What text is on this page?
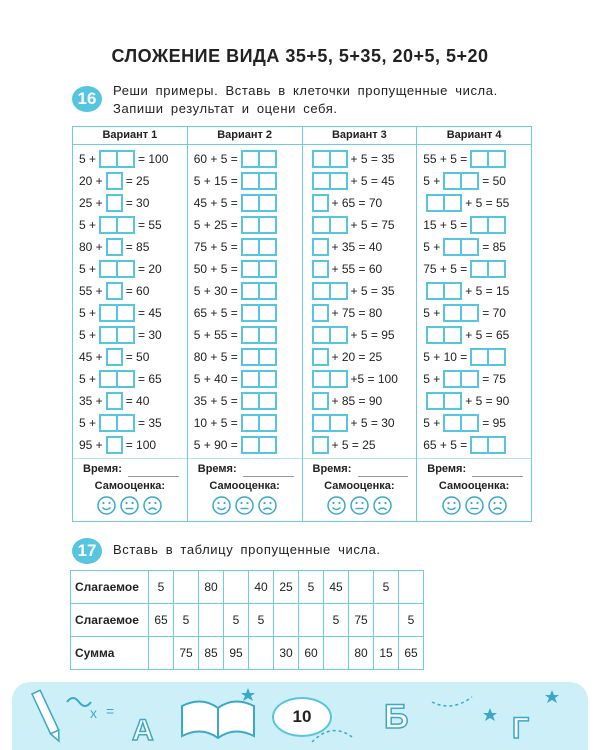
СЛОЖЕНИЕ ВИДА 35+5, 5+35, 20+5, 5+20
16	Реши примеры. Вставь в клеточки пропущенные числа.
Запиши результат и оцени себя.
Вариант 1
5 +	= 100
20 + = 25
25 + = 30
5 +	= 55
80 + = 85
5 +	= 20
55 + = 60
5 +	= 45
5 +	= 30
45 + = 50
5 +	= 65
35 + = 40
5 +	= 35
95 + = 100
Время:
Самооценка:
Вариант 2
60 + 5 =
5 + 15 =
45 + 5 =
5 + 25 =
75 + 5 =
50 + 5 =
5 + 30 =
65 + 5 =
5 + 55 =
80 + 5 =
5 + 40 =
35 + 5 =
10 + 5 =
5 + 90 =
Время:
Самооценка:
Вариант 3
+ 5 = 35
+ 5 = 45
+ 65 = 70
+ 5 = 75
+ 35 = 40
+ 55 = 60
+ 5 = 35
+ 75 = 80
+ 5 = 95
+ 20 = 25
+5 = 100
+ 85 = 90
+ 5 = 30
+ 5 = 25
Время:
Самооценка:
Вариант 4
55 + 5 =
5 +	= 50
+ 5 = 55
15 + 5 =
5 +	= 85
75 + 5 =
+ 5 = 15
5 +	= 70
+ 5 = 65
5 + 10 =
5 +	= 75
+ 5 = 90
5 +	= 95
65 + 5 =
Время:
Самооценка:
17	Вставь в таблицу пропущенные числа.
Слагаемое	5		80		40	25	5	45		5	
Слагаемое	65	5		5	5			5	75		5
Сумма		75	85	95		30	60		80	15	65
x =
А	Б	Г
10
